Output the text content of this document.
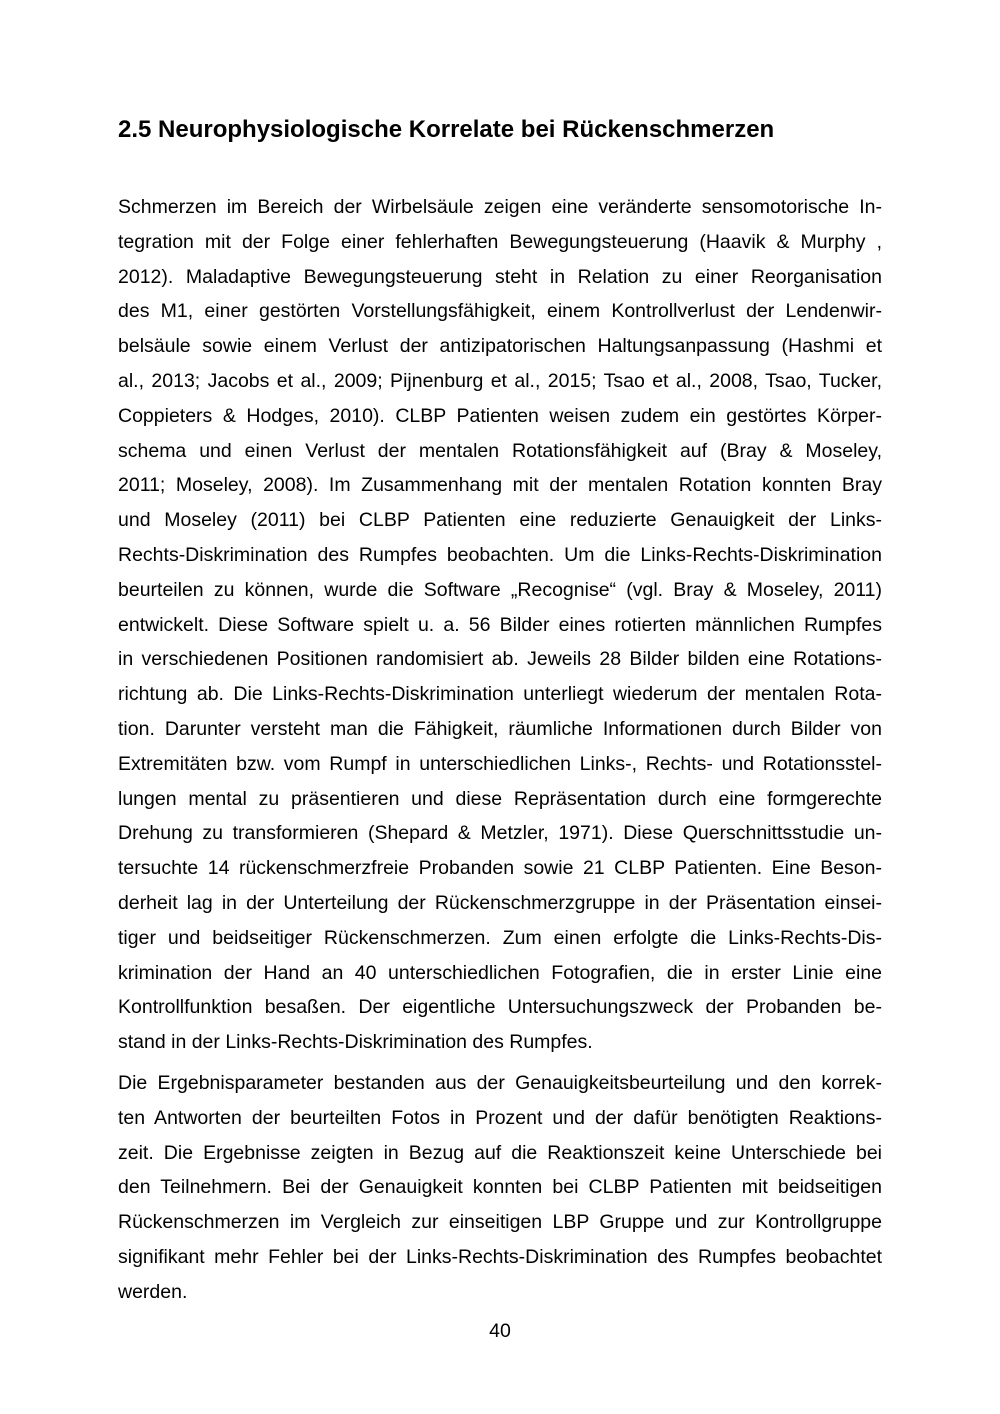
2.5 Neurophysiologische Korrelate bei Rückenschmerzen
Schmerzen im Bereich der Wirbelsäule zeigen eine veränderte sensomotorische In-
tegration mit der Folge einer fehlerhaften Bewegungsteuerung (Haavik & Murphy ,
2012). Maladaptive Bewegungsteuerung steht in Relation zu einer Reorganisation
des M1, einer gestörten Vorstellungsfähigkeit, einem Kontrollverlust der Lendenwir-
belsäule sowie einem Verlust der antizipatorischen Haltungsanpassung (Hashmi et
al., 2013; Jacobs et al., 2009; Pijnenburg et al., 2015; Tsao et al., 2008, Tsao, Tucker,
Coppieters & Hodges, 2010). CLBP Patienten weisen zudem ein gestörtes Körper-
schema und einen Verlust der mentalen Rotationsfähigkeit auf (Bray & Moseley,
2011; Moseley, 2008). Im Zusammenhang mit der mentalen Rotation konnten Bray
und Moseley (2011) bei CLBP Patienten eine reduzierte Genauigkeit der Links-
Rechts-Diskrimination des Rumpfes beobachten. Um die Links-Rechts-Diskrimination
beurteilen zu können, wurde die Software „Recognise“ (vgl. Bray & Moseley, 2011)
entwickelt. Diese Software spielt u. a. 56 Bilder eines rotierten männlichen Rumpfes
in verschiedenen Positionen randomisiert ab. Jeweils 28 Bilder bilden eine Rotations-
richtung ab. Die Links-Rechts-Diskrimination unterliegt wiederum der mentalen Rota-
tion. Darunter versteht man die Fähigkeit, räumliche Informationen durch Bilder von
Extremitäten bzw. vom Rumpf in unterschiedlichen Links-, Rechts- und Rotationsstel-
lungen mental zu präsentieren und diese Repräsentation durch eine formgerechte
Drehung zu transformieren (Shepard & Metzler, 1971). Diese Querschnittsstudie un-
tersuchte 14 rückenschmerzfreie Probanden sowie 21 CLBP Patienten. Eine Beson-
derheit lag in der Unterteilung der Rückenschmerzgruppe in der Präsentation einsei-
tiger und beidseitiger Rückenschmerzen. Zum einen erfolgte die Links-Rechts-Dis-
krimination der Hand an 40 unterschiedlichen Fotografien, die in erster Linie eine
Kontrollfunktion besaßen. Der eigentliche Untersuchungszweck der Probanden be-
stand in der Links-Rechts-Diskrimination des Rumpfes.
Die Ergebnisparameter bestanden aus der Genauigkeitsbeurteilung und den korrek-
ten Antworten der beurteilten Fotos in Prozent und der dafür benötigten Reaktions-
zeit. Die Ergebnisse zeigten in Bezug auf die Reaktionszeit keine Unterschiede bei
den Teilnehmern. Bei der Genauigkeit konnten bei CLBP Patienten mit beidseitigen
Rückenschmerzen im Vergleich zur einseitigen LBP Gruppe und zur Kontrollgruppe
signifikant mehr Fehler bei der Links-Rechts-Diskrimination des Rumpfes beobachtet
werden.
40
